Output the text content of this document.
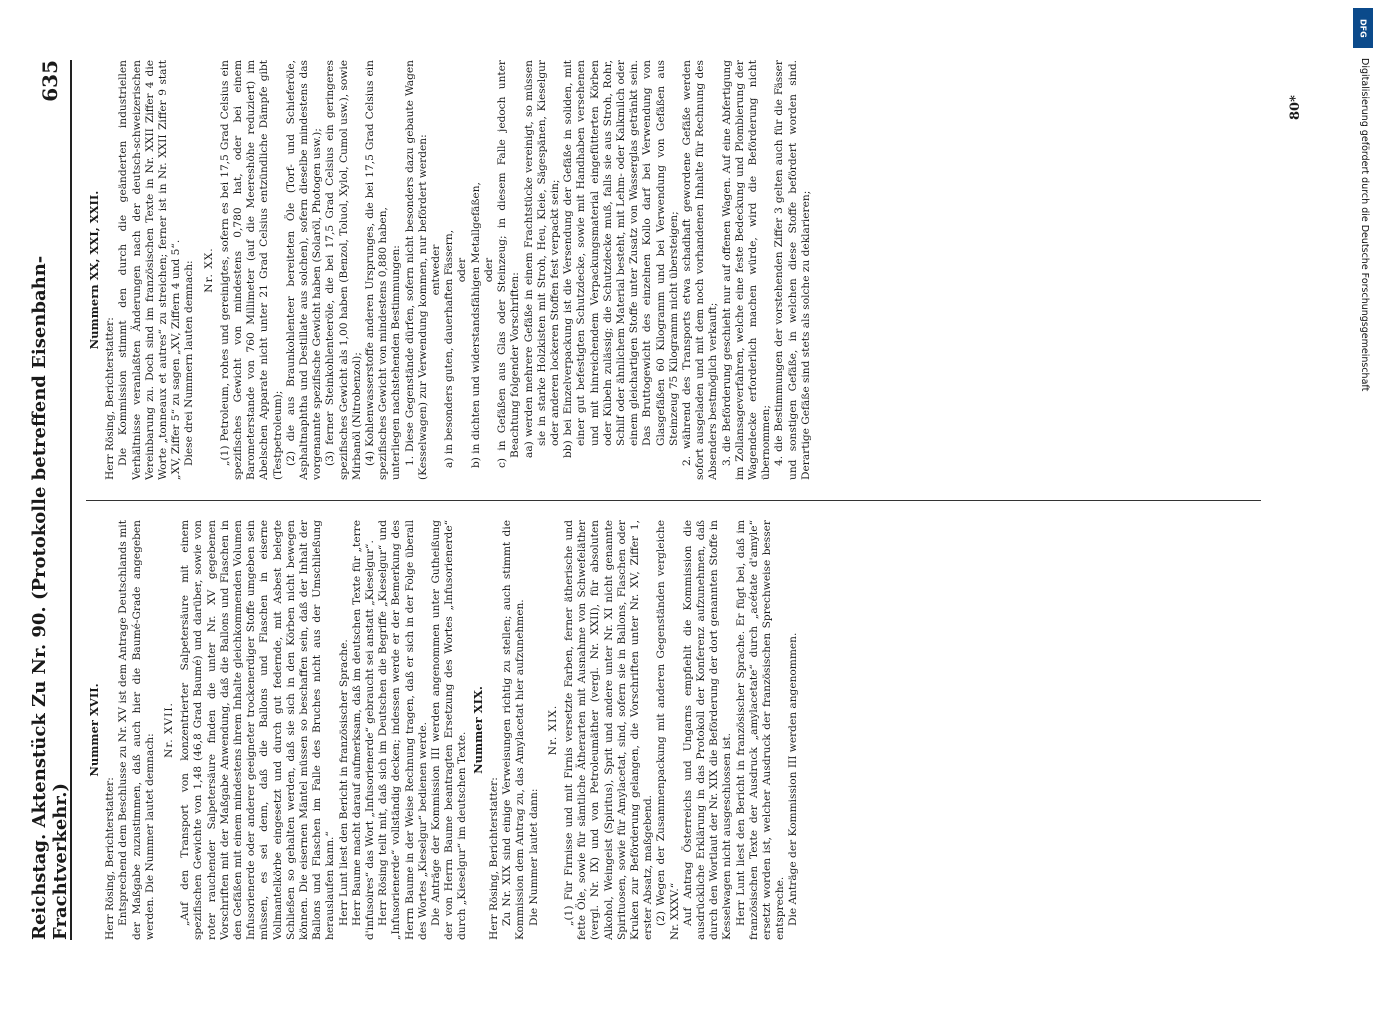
Reichstag. Aktenstück Zu Nr. 90. (Protokolle betreffend Eisenbahn-Frachtverkehr.)
635

Nummer XVII.

Herr Rösing, Berichterstatter: Entsprechend dem Beschlusse zu Nr. XV ist dem Antrage Deutschlands mit der Maßgabe zuzustimmen, daß auch hier die Baumé-Grade angegeben werden. Die Nummer lautet demnach:

Nr. XVII. „Auf den Transport von konzentrierter Salpetersäure mit einem spezifischen Gewichte von 1,48 (46,8 Grad Baumé) und darüber, sowie von roter rauchender Salpetersäure finden die unter Nr. XV gegebenen Vorschriften mit der Maßgabe Anwendung, daß die Ballons und Flaschen in den Gefäßen mit einem mindestens ihrem Inhalte gleichkommenden Volumen Infusorienerde oder anderer geeigneter trockenerdiger Stoffe umgeben sein müssen, es sei denn, daß die Ballons und Flaschen in eiserne Vollmantelkörbe eingesetzt und durch gut federnde, mit Asbest belegte Schließen so gehalten werden, daß sie sich in den Körben nicht bewegen können. Die eisernen Mäntel müssen so beschaffen sein, daß der Inhalt der Ballons und Flaschen im Falle des Bruches nicht aus der Umschließung herauslaufen kann.“ Herr Lunt liest den Bericht in französischer Sprache. Herr Baume macht darauf aufmerksam, daß im deutschen Texte für „terre d'infusoires“ das Wort „Infusorienerde“ gebraucht sei anstatt „Kieselgur“. Herr Rösing teilt mit, daß sich im Deutschen die Begriffe „Kieselgur“ und „Infusorienerde“ vollständig decken; indessen werde er der Bemerkung des Herrn Baume in der Weise Rechnung tragen, daß er sich in der Folge überall des Wortes „Kieselgur“ bedienen werde. Die Anträge der Kommission III werden angenommen unter Gutheißung der von Herrn Baume beantragten Ersetzung des Wortes „Infusorienerde“ durch „Kieselgur“ im deutschen Texte.

Nummer XIX.

Herr Rösing, Berichterstatter: Zu Nr. XIX sind einige Verweisungen richtig zu stellen; auch stimmt die Kommission dem Antrag zu, das Amylacetat hier aufzunehmen. Die Nummer lautet dann:

Nr. XIX. „(1) Für Firnisse und mit Firnis versetzte Farben, ferner ätherische und fette Öle, sowie für sämtliche Ätherarten mit Ausnahme von Schwefeläther (vergl. Nr. IX) und von Petroleumäther (vergl. Nr. XXII), für absoluten Alkohol, Weingeist (Spiritus), Sprit und andere unter Nr. XI nicht genannte Spirituosen, sowie für Amylacetat, sind, sofern sie in Ballons, Flaschen oder Kruken zur Beförderung gelangen, die Vorschriften unter Nr. XV, Ziffer 1, erster Absatz, maßgebend. (2) Wegen der Zusammenpackung mit anderen Gegenständen vergleiche Nr. XXXV.“ Auf Antrag Österreichs und Ungarns empfiehlt die Kommission die ausdrückliche Erklärung in das Protokoll der Konferenz aufzunehmen, daß durch den Wortlaut der Nr. XIX die Beförderung der dort genannten Stoffe in Kesselwagen nicht ausgeschlossen ist. Herr Lunt liest den Bericht in französischer Sprache. Er fügt bei, daß im französischen Texte der Ausdruck „amylacetate“ durch „acétate d'amyle“ ersetzt worden ist, welcher Ausdruck der französischen Sprechweise besser entspreche. Die Anträge der Kommission III werden angenommen.

Nummern XX, XXI, XXII.

Herr Rösing, Berichterstatter: Die Kommission stimmt den durch die geänderten industriellen Verhältnisse veranlaßten Änderungen nach der deutsch-schweizerischen Vereinbarung zu. Doch sind im französischen Texte in Nr. XXII Ziffer 4 die Worte „tonneaux et autres“ zu streichen; ferner ist in Nr. XXII Ziffer 9 statt „XV, Ziffer 5“ zu sagen „XV, Ziffern 4 und 5“. Diese drei Nummern lauten demnach: Nr. XX. „(1) Petroleum, rohes und gereinigtes, sofern es bei 17,5 Grad Celsius ein spezifisches Gewicht von mindestens 0,780 hat, oder bei einem Barometerstande von 760 Millimeter (auf die Meereshöhe reduziert) im Abelschen Apparate nicht unter 21 Grad Celsius entzündliche Dämpfe gibt (Testpetroleum); (2) die aus Braunkohlenteer bereiteten Öle (Torf- und Schieferöle, Asphaltnaphtha und Destillate aus solchen), sofern dieselbe mindestens das vorgenannte spezifische Gewicht haben (Solaröl, Photogen usw.); (3) ferner Steinkohlenteeröle, die bei 17,5 Grad Celsius ein geringeres spezifisches Gewicht als 1,00 haben (Benzol, Toluol, Xylol, Cumol usw.), sowie Mirbanöl (Nitrobenzol); (4) Kohlenwasserstoffe anderen Ursprunges, die bei 17,5 Grad Celsius ein spezifisches Gewicht von mindestens 0,880 haben, unterliegen nachstehenden Bestimmungen: 1. Diese Gegenstände dürfen, sofern nicht besonders dazu gebaute Wagen (Kesselwagen) zur Verwendung kommen, nur befördert werden: entweder a) in besonders guten, dauerhaften Fässern, oder b) in dichten und widerstandsfähigen Metallgefäßen, oder c) in Gefäßen aus Glas oder Steinzeug; in diesem Falle jedoch unter Beachtung folgender Vorschriften: aa) werden mehrere Gefäße in einem Frachtstücke vereinigt, so müssen sie in starke Holzkisten mit Stroh, Heu, Kleie, Sägespänen, Kieselgur oder anderen lockeren Stoffen fest verpackt sein; bb) bei Einzelverpackung ist die Versendung der Gefäße in soliden, mit einer gut befestigten Schutzdecke, sowie mit Handhaben versehenen und mit hinreichendem Verpackungsmaterial eingefütterten Körben oder Kübeln zulässig; die Schutzdecke muß, falls sie aus Stroh, Rohr, Schilf oder ähnlichem Material besteht, mit Lehm- oder Kalkmilch oder einem gleichartigen Stoffe unter Zusatz von Wasserglas getränkt sein. Das Bruttogewicht des einzelnen Kollo darf bei Verwendung von Glasgefäßen 60 Kilogramm und bei Verwendung von Gefäßen aus Steinzeug 75 Kilogramm nicht übersteigen; 2. während des Transports etwa schadhaft gewordene Gefäße werden sofort ausgeladen und mit dem noch vorhandenen Inhalte für Rechnung des Absenders bestmöglich verkauft; 3. die Beförderung geschieht nur auf offenen Wagen. Auf eine Abfertigung im Zollansageverfahren, welche eine feste Bedeckung und Plombierung der Wagendecke erforderlich machen würde, wird die Beförderung nicht übernommen; 4. die Bestimmungen der vorstehenden Ziffer 3 gelten auch für die Fässer und sonstigen Gefäße, in welchen diese Stoffe befördert worden sind. Derartige Gefäße sind stets als solche zu deklarieren;

80*
DFG
Digitalisierung gefördert durch die Deutsche Forschungsgemeinschaft
